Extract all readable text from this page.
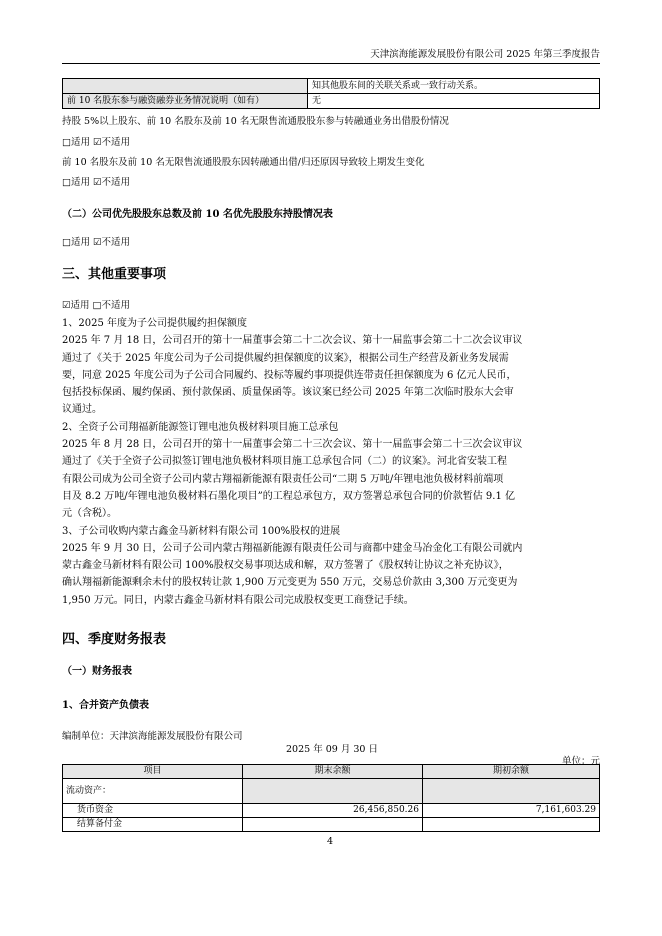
天津滨海能源发展股份有限公司 2025 年第三季度报告
	知其他股东间的关联关系或一致行动关系。
前 10 名股东参与融资融券业务情况说明（如有）	无
持股 5%以上股东、前 10 名股东及前 10 名无限售流通股股东参与转融通业务出借股份情况
□适用 ☑不适用
前 10 名股东及前 10 名无限售流通股股东因转融通出借/归还原因导致较上期发生变化
□适用 ☑不适用
（二）公司优先股股东总数及前 10 名优先股股东持股情况表
□适用 ☑不适用
三、其他重要事项
☑适用 □不适用
1、2025 年度为子公司提供履约担保额度
2025 年 7 月 18 日，公司召开的第十一届董事会第二十二次会议、第十一届监事会第二十二次会议审议
通过了《关于 2025 年度公司为子公司提供履约担保额度的议案》，根据公司生产经营及新业务发展需
要，同意 2025 年度公司为子公司合同履约、投标等履约事项提供连带责任担保额度为 6 亿元人民币，
包括投标保函、履约保函、预付款保函、质量保函等。该议案已经公司 2025 年第二次临时股东大会审
议通过。
2、全资子公司翔福新能源签订锂电池负极材料项目施工总承包
2025 年 8 月 28 日，公司召开的第十一届董事会第二十三次会议、第十一届监事会第二十三次会议审议
通过了《关于全资子公司拟签订锂电池负极材料项目施工总承包合同（二）的议案》。河北省安装工程
有限公司成为公司全资子公司内蒙古翔福新能源有限责任公司“二期 5 万吨/年锂电池负极材料前端项
目及 8.2 万吨/年锂电池负极材料石墨化项目”的工程总承包方，双方签署总承包合同的价款暂估 9.1 亿
元（含税）。
3、子公司收购内蒙古鑫金马新材料有限公司 100%股权的进展
2025 年 9 月 30 日，公司子公司内蒙古翔福新能源有限责任公司与商都中建金马冶金化工有限公司就内
蒙古鑫金马新材料有限公司 100%股权交易事项达成和解，双方签署了《股权转让协议之补充协议》，
确认翔福新能源剩余未付的股权转让款 1,900 万元变更为 550 万元，交易总价款由 3,300 万元变更为
1,950 万元。同日，内蒙古鑫金马新材料有限公司完成股权变更工商登记手续。
四、季度财务报表
（一）财务报表
1、合并资产负债表
编制单位：天津滨海能源发展股份有限公司
2025 年 09 月 30 日
单位：元
项目	期末余额	期初余额
流动资产：		
货币资金	26,456,850.26	7,161,603.29
结算备付金		
4
